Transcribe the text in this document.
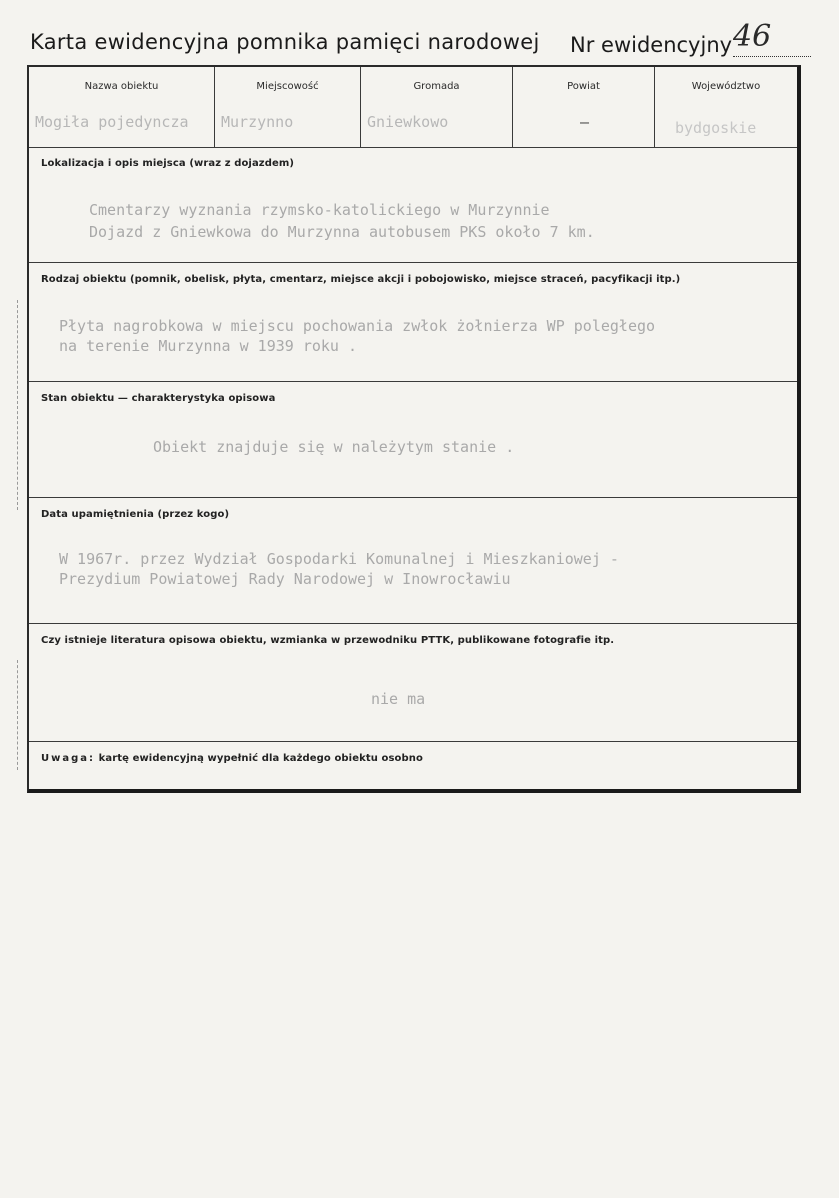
Karta ewidencyjna pomnika pamięci narodowej Nr ewidencyjny 46
Nazwa obiektu
Mogiła pojedyncza
Miejscowość
Murzynno
Gromada
Gniewkowo
Powiat
–
Województwo
bydgoskie
Lokalizacja i opis miejsca (wraz z dojazdem)
Cmentarzy wyznania rzymsko-katolickiego w Murzynnie
Dojazd z Gniewkowa do Murzynna autobusem PKS około 7 km.
Rodzaj obiektu (pomnik, obelisk, płyta, cmentarz, miejsce akcji i pobojowisko, miejsce straceń, pacyfikacji itp.)
Płyta nagrobkowa w miejscu pochowania zwłok żołnierza WP poległego
na terenie Murzynna w 1939 roku .
Stan obiektu — charakterystyka opisowa
Obiekt znajduje się w należytym stanie .
Data upamiętnienia (przez kogo)
W 1967r. przez Wydział Gospodarki Komunalnej i Mieszkaniowej -
Prezydium Powiatowej Rady Narodowej w Inowrocławiu
Czy istnieje literatura opisowa obiektu, wzmianka w przewodniku PTTK, publikowane fotografie itp.
nie ma
Uwaga: kartę ewidencyjną wypełnić dla każdego obiektu osobno
